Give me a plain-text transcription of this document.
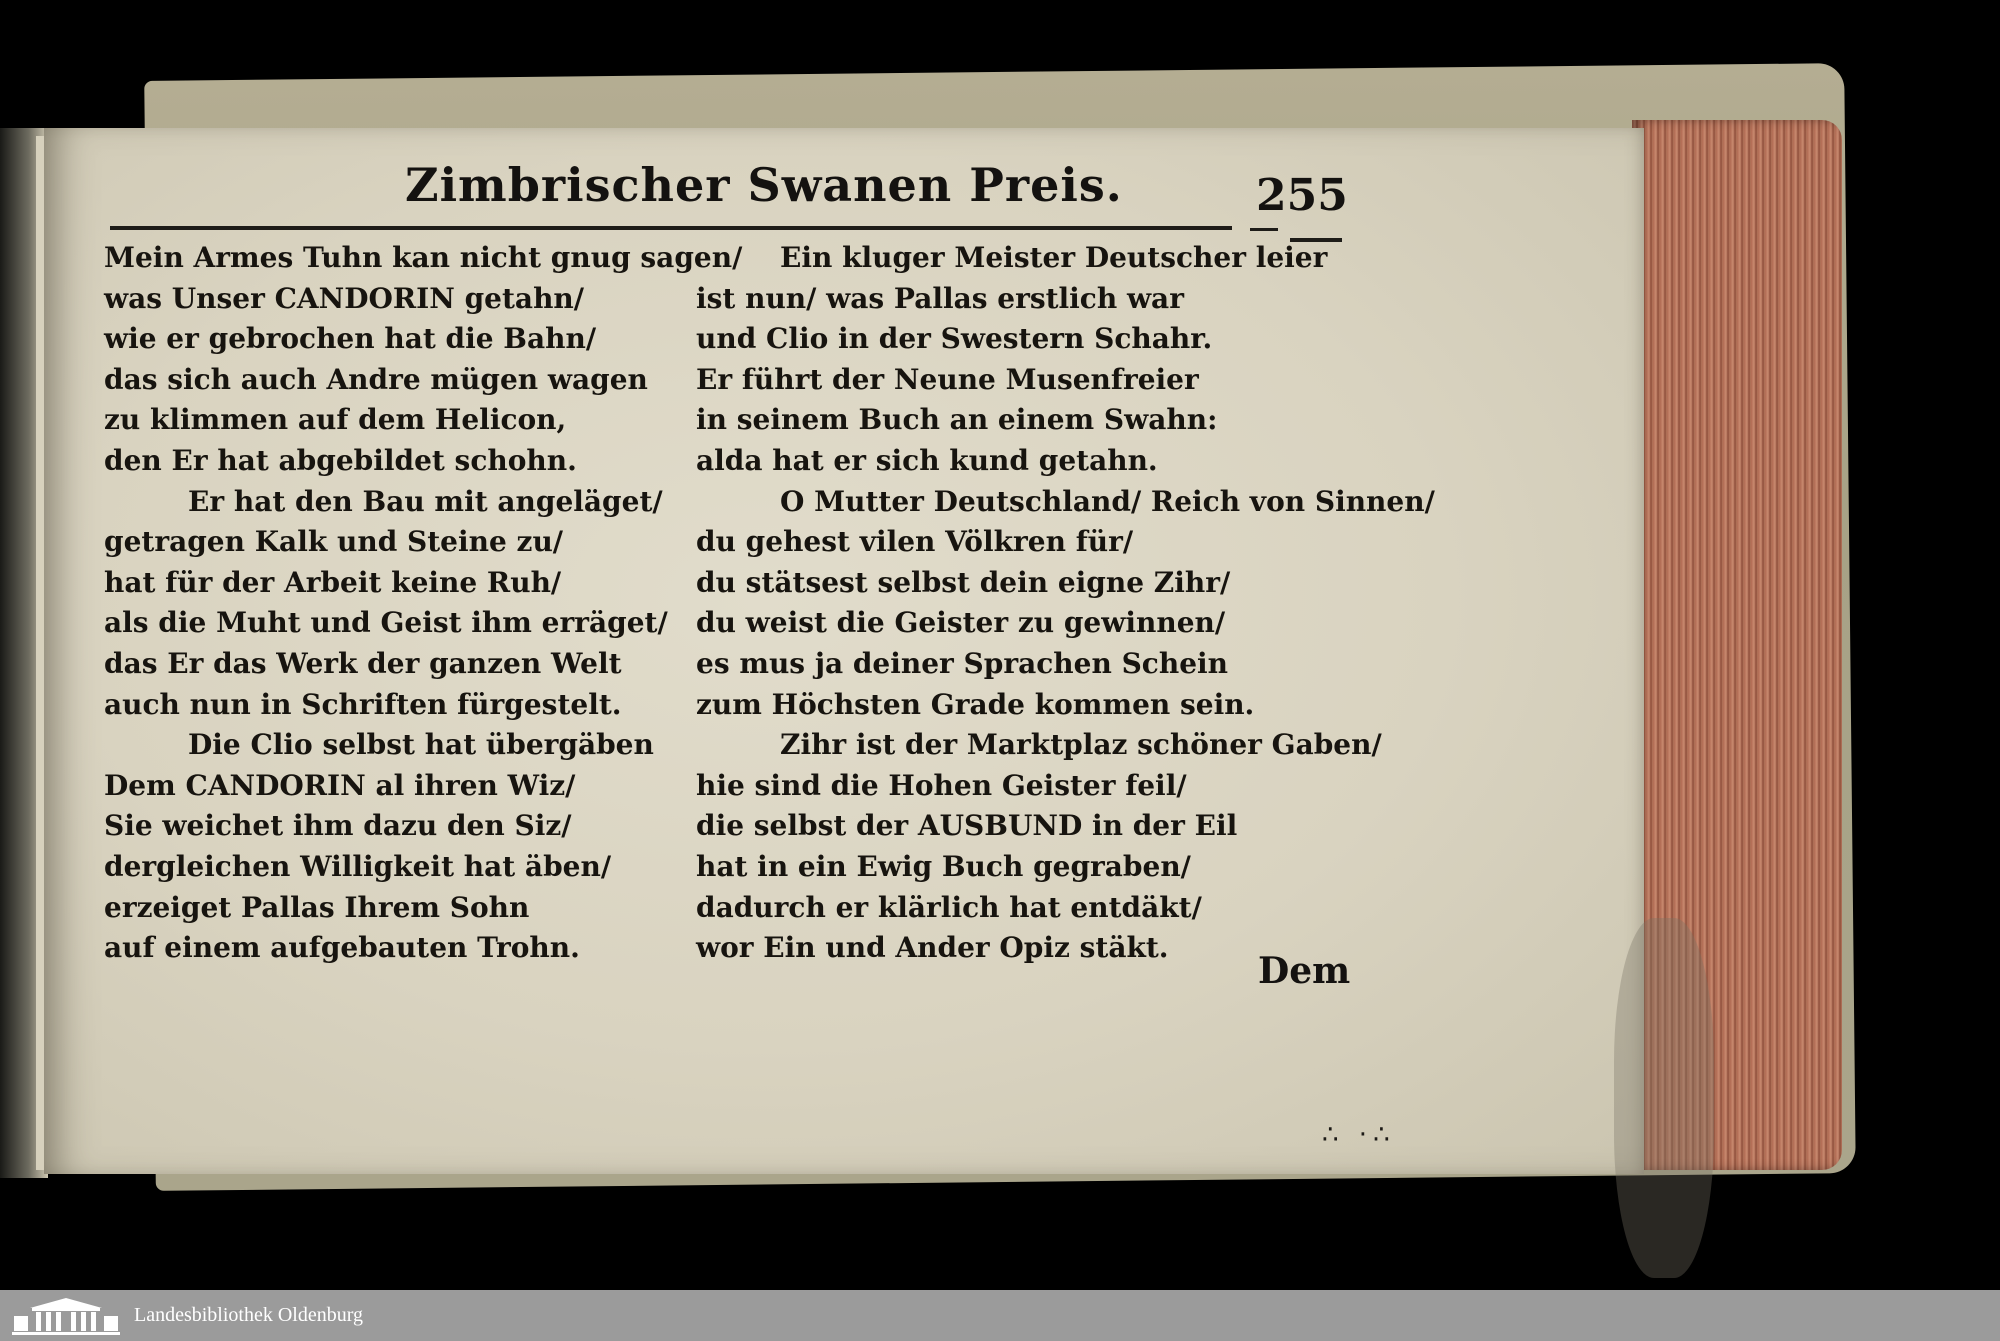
Zimbrischer Swanen Preis.	255
Mein Armes Tuhn kan nicht gnug sagen/
was Unser CANDORIN getahn/
wie er gebrochen hat die Bahn/
das sich auch Andre mügen wagen
zu klimmen auf dem Helicon,
den Er hat abgebildet schohn.
Er hat den Bau mit angeläget/
getragen Kalk und Steine zu/
hat für der Arbeit keine Ruh/
als die Muht und Geist ihm erräget/
das Er das Werk der ganzen Welt
auch nun in Schriften fürgestelt.
Die Clio selbst hat übergäben
Dem CANDORIN al ihren Wiz/
Sie weichet ihm dazu den Siz/
dergleichen Willigkeit hat äben/
erzeiget Pallas Ihrem Sohn
auf einem aufgebauten Trohn.
Ein kluger Meister Deutscher leier
ist nun/ was Pallas erstlich war
und Clio in der Swestern Schahr.
Er führt der Neune Musenfreier
in seinem Buch an einem Swahn:
alda hat er sich kund getahn.
O Mutter Deutschland/ Reich von Sinnen/
du gehest vilen Völkren für/
du stätsest selbst dein eigne Zihr/
du weist die Geister zu gewinnen/
es mus ja deiner Sprachen Schein
zum Höchsten Grade kommen sein.
Zihr ist der Marktplaz schöner Gaben/
hie sind die Hohen Geister feil/
die selbst der AUSBUND in der Eil
hat in ein Ewig Buch gegraben/
dadurch er klärlich hat entdäkt/
wor Ein und Ander Opiz stäkt.
Dem
∴ ·∴
Landesbibliothek Oldenburg
